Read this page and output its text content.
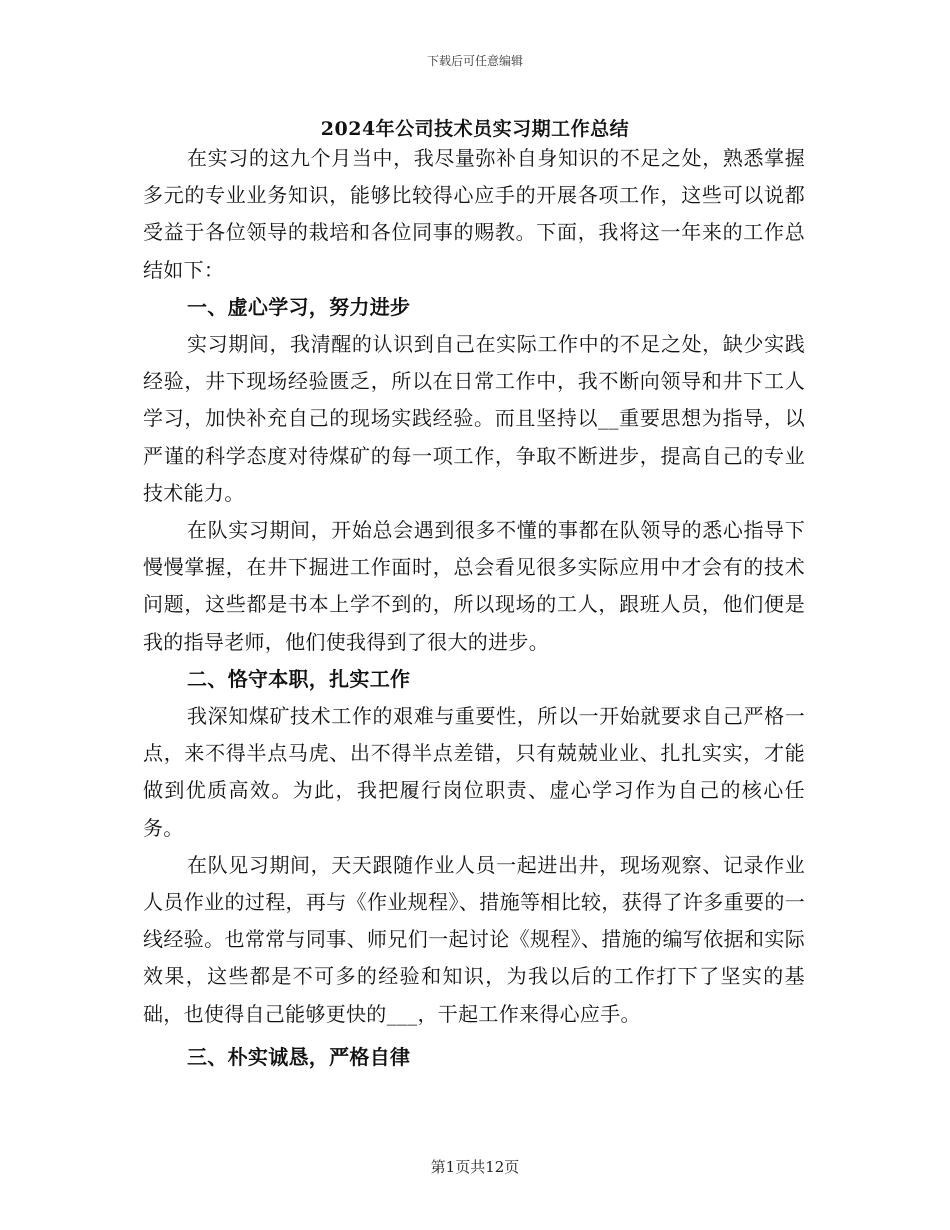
下载后可任意编辑
2024年公司技术员实习期工作总结

在实习的这九个月当中，我尽量弥补自身知识的不足之处，熟悉掌握多元的专业业务知识，能够比较得心应手的开展各项工作，这些可以说都受益于各位领导的栽培和各位同事的赐教。下面，我将这一年来的工作总结如下：

一、虚心学习，努力进步

实习期间，我清醒的认识到自己在实际工作中的不足之处，缺少实践经验，井下现场经验匮乏，所以在日常工作中，我不断向领导和井下工人学习，加快补充自己的现场实践经验。而且坚持以__重要思想为指导，以严谨的科学态度对待煤矿的每一项工作，争取不断进步，提高自己的专业技术能力。

在队实习期间，开始总会遇到很多不懂的事都在队领导的悉心指导下慢慢掌握，在井下掘进工作面时，总会看见很多实际应用中才会有的技术问题，这些都是书本上学不到的，所以现场的工人，跟班人员，他们便是我的指导老师，他们使我得到了很大的进步。

二、恪守本职，扎实工作

我深知煤矿技术工作的艰难与重要性，所以一开始就要求自己严格一点，来不得半点马虎、出不得半点差错，只有兢兢业业、扎扎实实，才能做到优质高效。为此，我把履行岗位职责、虚心学习作为自己的核心任务。

在队见习期间，天天跟随作业人员一起进出井，现场观察、记录作业人员作业的过程，再与《作业规程》、措施等相比较，获得了许多重要的一线经验。也常常与同事、师兄们一起讨论《规程》、措施的编写依据和实际效果，这些都是不可多的经验和知识，为我以后的工作打下了坚实的基础，也使得自己能够更快的___，干起工作来得心应手。

三、朴实诚恳，严格自律

第1页共12页
